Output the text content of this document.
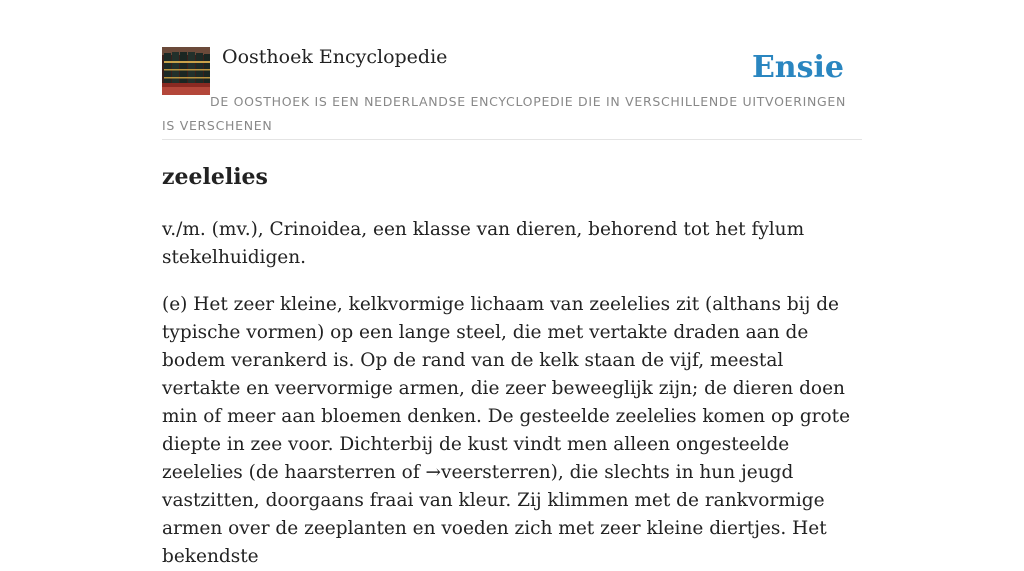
Oosthoek Encyclopedie	Ensie
DE OOSTHOEK IS EEN NEDERLANDSE ENCYCLOPEDIE DIE IN VERSCHILLENDE UITVOERINGEN IS VERSCHENEN
zeelelies

v./m. (mv.), Crinoidea, een klasse van dieren, behorend tot het fylum stekelhuidigen.

(e) Het zeer kleine, kelkvormige lichaam van zeelelies zit (althans bij de typische vormen) op een lange steel, die met vertakte draden aan de bodem verankerd is. Op de rand van de kelk staan de vijf, meestal vertakte en veervormige armen, die zeer beweeglijk zijn; de dieren doen min of meer aan bloemen denken. De gesteelde zeelelies komen op grote diepte in zee voor. Dichterbij de kust vindt men alleen ongesteelde zeelelies (de haarsterren of →veersterren), die slechts in hun jeugd vastzitten, doorgaans fraai van kleur. Zij klimmen met de rankvormige armen over de zeeplanten en voeden zich met zeer kleine diertjes. Het bekendste
